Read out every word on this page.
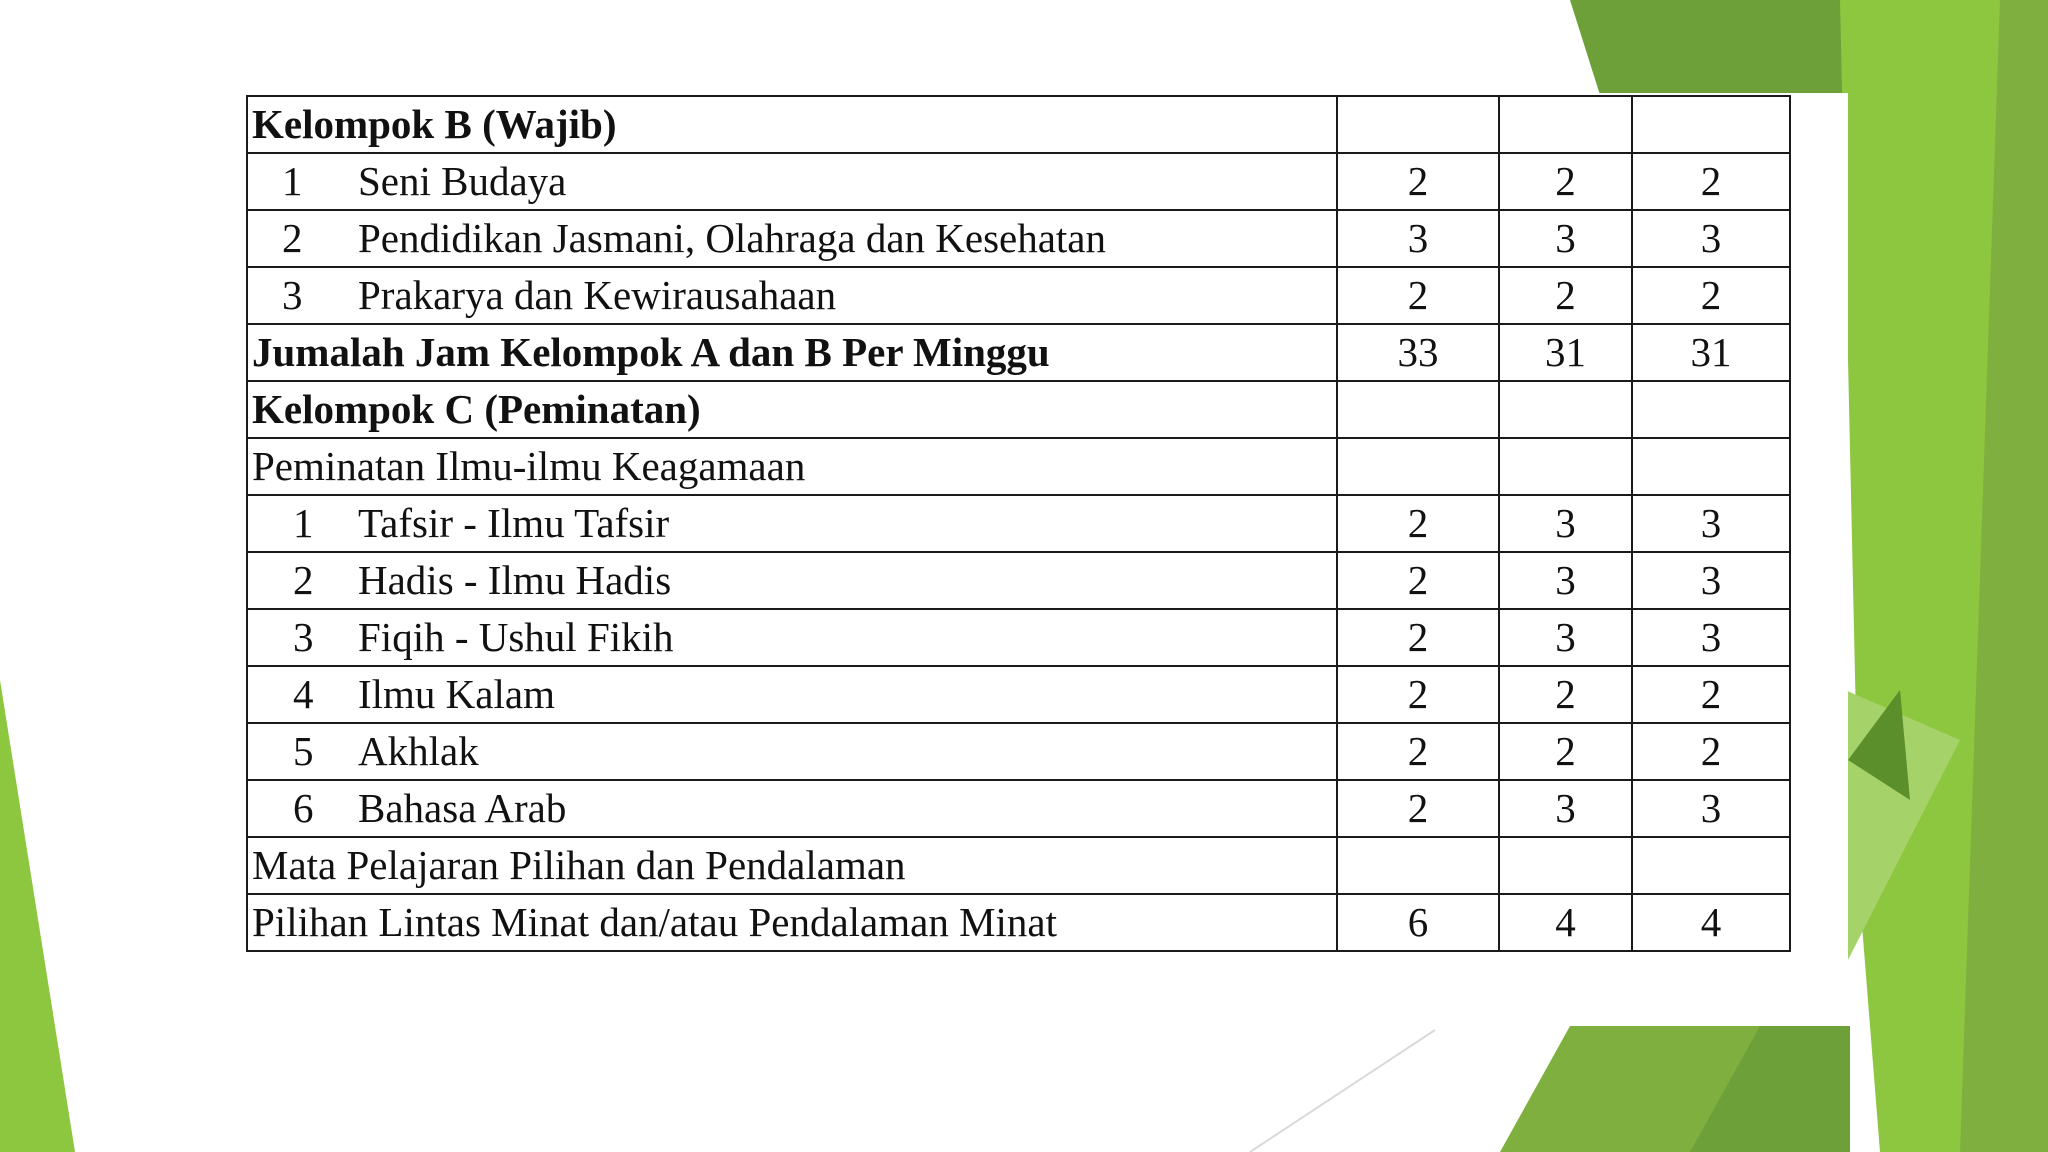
Kelompok B (Wajib)			
1 Seni Budaya	2	2	2
2 Pendidikan Jasmani, Olahraga dan Kesehatan	3	3	3
3 Prakarya dan Kewirausahaan	2	2	2
Jumalah Jam Kelompok A dan B Per Minggu	33	31	31
Kelompok C (Peminatan)			
Peminatan Ilmu-ilmu Keagamaan			
1 Tafsir - Ilmu Tafsir	2	3	3
2 Hadis - Ilmu Hadis	2	3	3
3 Fiqih - Ushul Fikih	2	3	3
4 Ilmu Kalam	2	2	2
5 Akhlak	2	2	2
6 Bahasa Arab	2	3	3
Mata Pelajaran Pilihan dan Pendalaman			
Pilihan Lintas Minat dan/atau Pendalaman Minat	6	4	4
